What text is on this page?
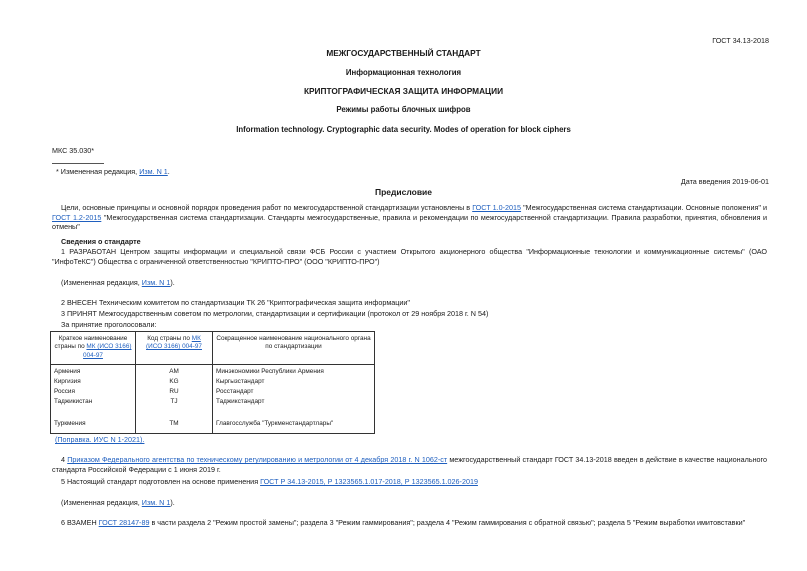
ГОСТ 34.13-2018
МЕЖГОСУДАРСТВЕННЫЙ СТАНДАРТ
Информационная технология
КРИПТОГРАФИЧЕСКАЯ ЗАЩИТА ИНФОРМАЦИИ
Режимы работы блочных шифров
Information technology. Cryptographic data security. Modes of operation for block ciphers
МКС 35.030*
* Измененная редакция, Изм. N 1.
Дата введения 2019-06-01
Предисловие
Цели, основные принципы и основной порядок проведения работ по межгосударственной стандартизации установлены в ГОСТ 1.0-2015 "Межгосударственная система стандартизации. Основные положения" и ГОСТ 1.2-2015 "Межгосударственная система стандартизации. Стандарты межгосударственные, правила и рекомендации по межгосударственной стандартизации. Правила разработки, принятия, обновления и отмены"
Сведения о стандарте
1 РАЗРАБОТАН Центром защиты информации и специальной связи ФСБ России с участием Открытого акционерного общества "Информационные технологии и коммуникационные системы" (ОАО "ИнфоТеКС") Общества с ограниченной ответственностью "КРИПТО-ПРО" (ООО "КРИПТО-ПРО")
(Измененная редакция, Изм. N 1).
2 ВНЕСЕН Техническим комитетом по стандартизации ТК 26 "Криптографическая защита информации"
3 ПРИНЯТ Межгосударственным советом по метрологии, стандартизации и сертификации (протокол от 29 ноября 2018 г. N 54)
За принятие проголосовали:
Краткое наименование страны по МК (ИСО 3166) 004-97	Код страны по МК (ИСО 3166) 004-97	Сокращенное наименование национального органа по стандартизации
Армения	AM	Минэкономики Республики Армения
Киргизия	KG	Кыргызстандарт
Россия	RU	Росстандарт
Таджикистан	TJ	Таджикстандарт

Туркмения	TM	Главгосслужба "Туркменстандартлары"
(Поправка. ИУС N 1-2021).
4 Приказом Федерального агентства по техническому регулированию и метрологии от 4 декабря 2018 г. N 1062-ст межгосударственный стандарт ГОСТ 34.13-2018 введен в действие в качестве национального стандарта Российской Федерации с 1 июня 2019 г.
5 Настоящий стандарт подготовлен на основе применения ГОСТ Р 34.13-2015, Р 1323565.1.017-2018, Р 1323565.1.026-2019
(Измененная редакция, Изм. N 1).
6 ВЗАМЕН ГОСТ 28147-89 в части раздела 2 "Режим простой замены"; раздела 3 "Режим гаммирования"; раздела 4 "Режим гаммирования с обратной связью"; раздела 5 "Режим выработки имитовставки"
